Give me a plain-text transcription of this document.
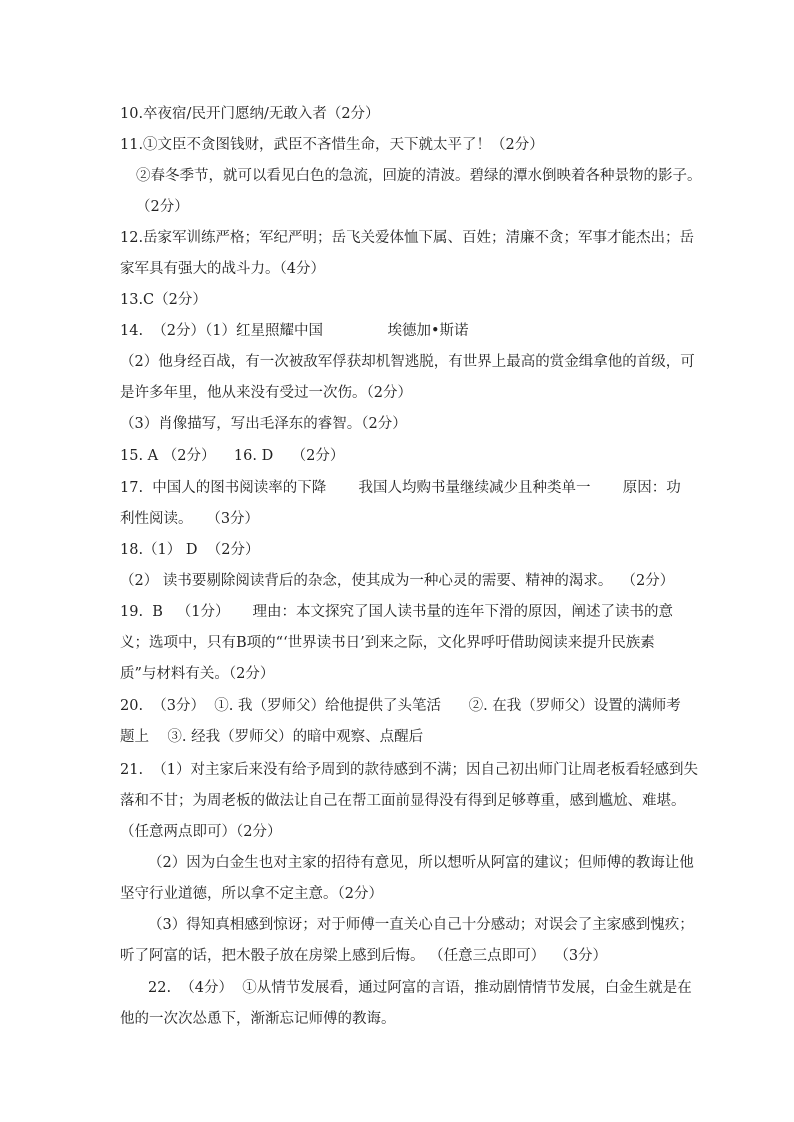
10.卒夜宿/民开门愿纳/无敢入者（2分）
11.①文臣不贪图钱财，武臣不吝惜生命，天下就太平了！（2分）
②春冬季节，就可以看见白色的急流，回旋的清波。碧绿的潭水倒映着各种景物的影子。
（2分）
12.岳家军训练严格；军纪严明；岳飞关爱体恤下属、百姓；清廉不贪；军事才能杰出；岳
家军具有强大的战斗力。（4分）
13.C（2分）
14.  （2分）（1）红星照耀中国              埃德加•斯诺
（2）他身经百战，有一次被敌军俘获却机智逃脱，有世界上最高的赏金缉拿他的首级，可
是许多年里，他从来没有受过一次伤。（2分）
（3）肖像描写，写出毛泽东的睿智。（2分）
15. A （2分）    16. D    （2分）
17.  中国人的图书阅读率的下降       我国人均购书量继续减少且种类单一       原因：功
利性阅读。   （3分）
18.（1） D  （2分）
（2） 读书要剔除阅读背后的杂念，使其成为一种心灵的需要、精神的渴求。  （2分）
19.  B   （1分）     理由：本文探究了国人读书量的连年下滑的原因，阐述了读书的意
义；选项中，只有B项的“‘世界读书日’到来之际，文化界呼吁借助阅读来提升民族素
质”与材料有关。（2分）
20.  （3分）  ①. 我（罗师父）给他提供了头笔活      ②. 在我（罗师父）设置的满师考
题上    ③. 经我（罗师父）的暗中观察、点醒后
21.  （1）对主家后来没有给予周到的款待感到不满；因自己初出师门让周老板看轻感到失
落和不甘；为周老板的做法让自己在帮工面前显得没有得到足够尊重，感到尴尬、难堪。
（任意两点即可）（2分）
（2）因为白金生也对主家的招待有意见，所以想听从阿富的建议；但师傅的教诲让他
坚守行业道德，所以拿不定主意。（2分）
（3）得知真相感到惊讶；对于师傅一直关心自己十分感动；对误会了主家感到愧疚；
听了阿富的话，把木骰子放在房梁上感到后悔。 （任意三点即可）  （3分）
22.  （4分）  ①从情节发展看，通过阿富的言语，推动剧情情节发展，白金生就是在
他的一次次怂恿下，渐渐忘记师傅的教诲。
